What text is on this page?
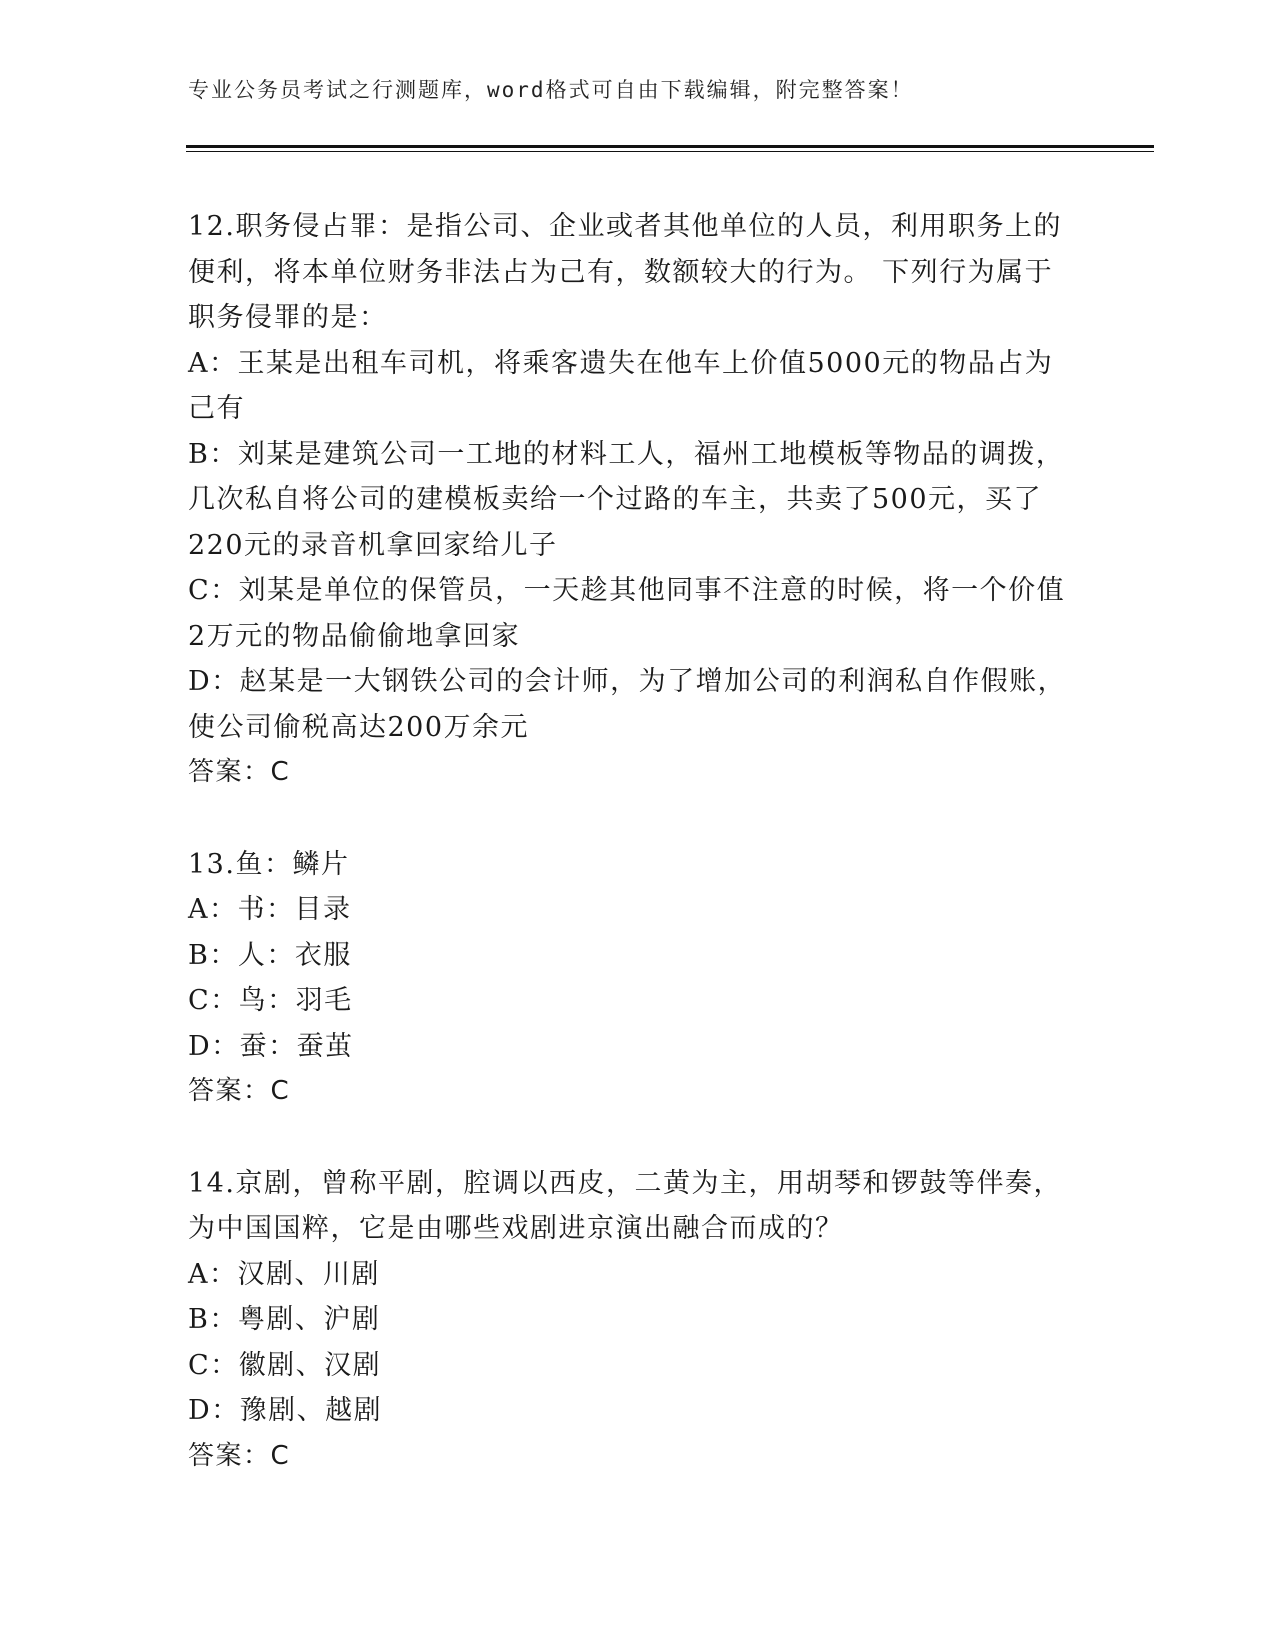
专业公务员考试之行测题库，word格式可自由下载编辑，附完整答案！
12.职务侵占罪：是指公司、企业或者其他单位的人员，利用职务上的
便利，将本单位财务非法占为己有，数额较大的行为。 下列行为属于
职务侵罪的是：
A：王某是出租车司机，将乘客遗失在他车上价值5000元的物品占为
己有
B：刘某是建筑公司一工地的材料工人，福州工地模板等物品的调拨，
几次私自将公司的建模板卖给一个过路的车主，共卖了500元，买了
220元的录音机拿回家给儿子
C：刘某是单位的保管员，一天趁其他同事不注意的时候，将一个价值
2万元的物品偷偷地拿回家
D：赵某是一大钢铁公司的会计师，为了增加公司的利润私自作假账，
使公司偷税高达200万余元
答案：C
13.鱼：鳞片
A：书：目录
B：人：衣服
C：鸟：羽毛
D：蚕：蚕茧
答案：C
14.京剧，曾称平剧，腔调以西皮，二黄为主，用胡琴和锣鼓等伴奏，
为中国国粹，它是由哪些戏剧进京演出融合而成的？
A：汉剧、川剧
B：粤剧、沪剧
C：徽剧、汉剧
D：豫剧、越剧
答案：C
